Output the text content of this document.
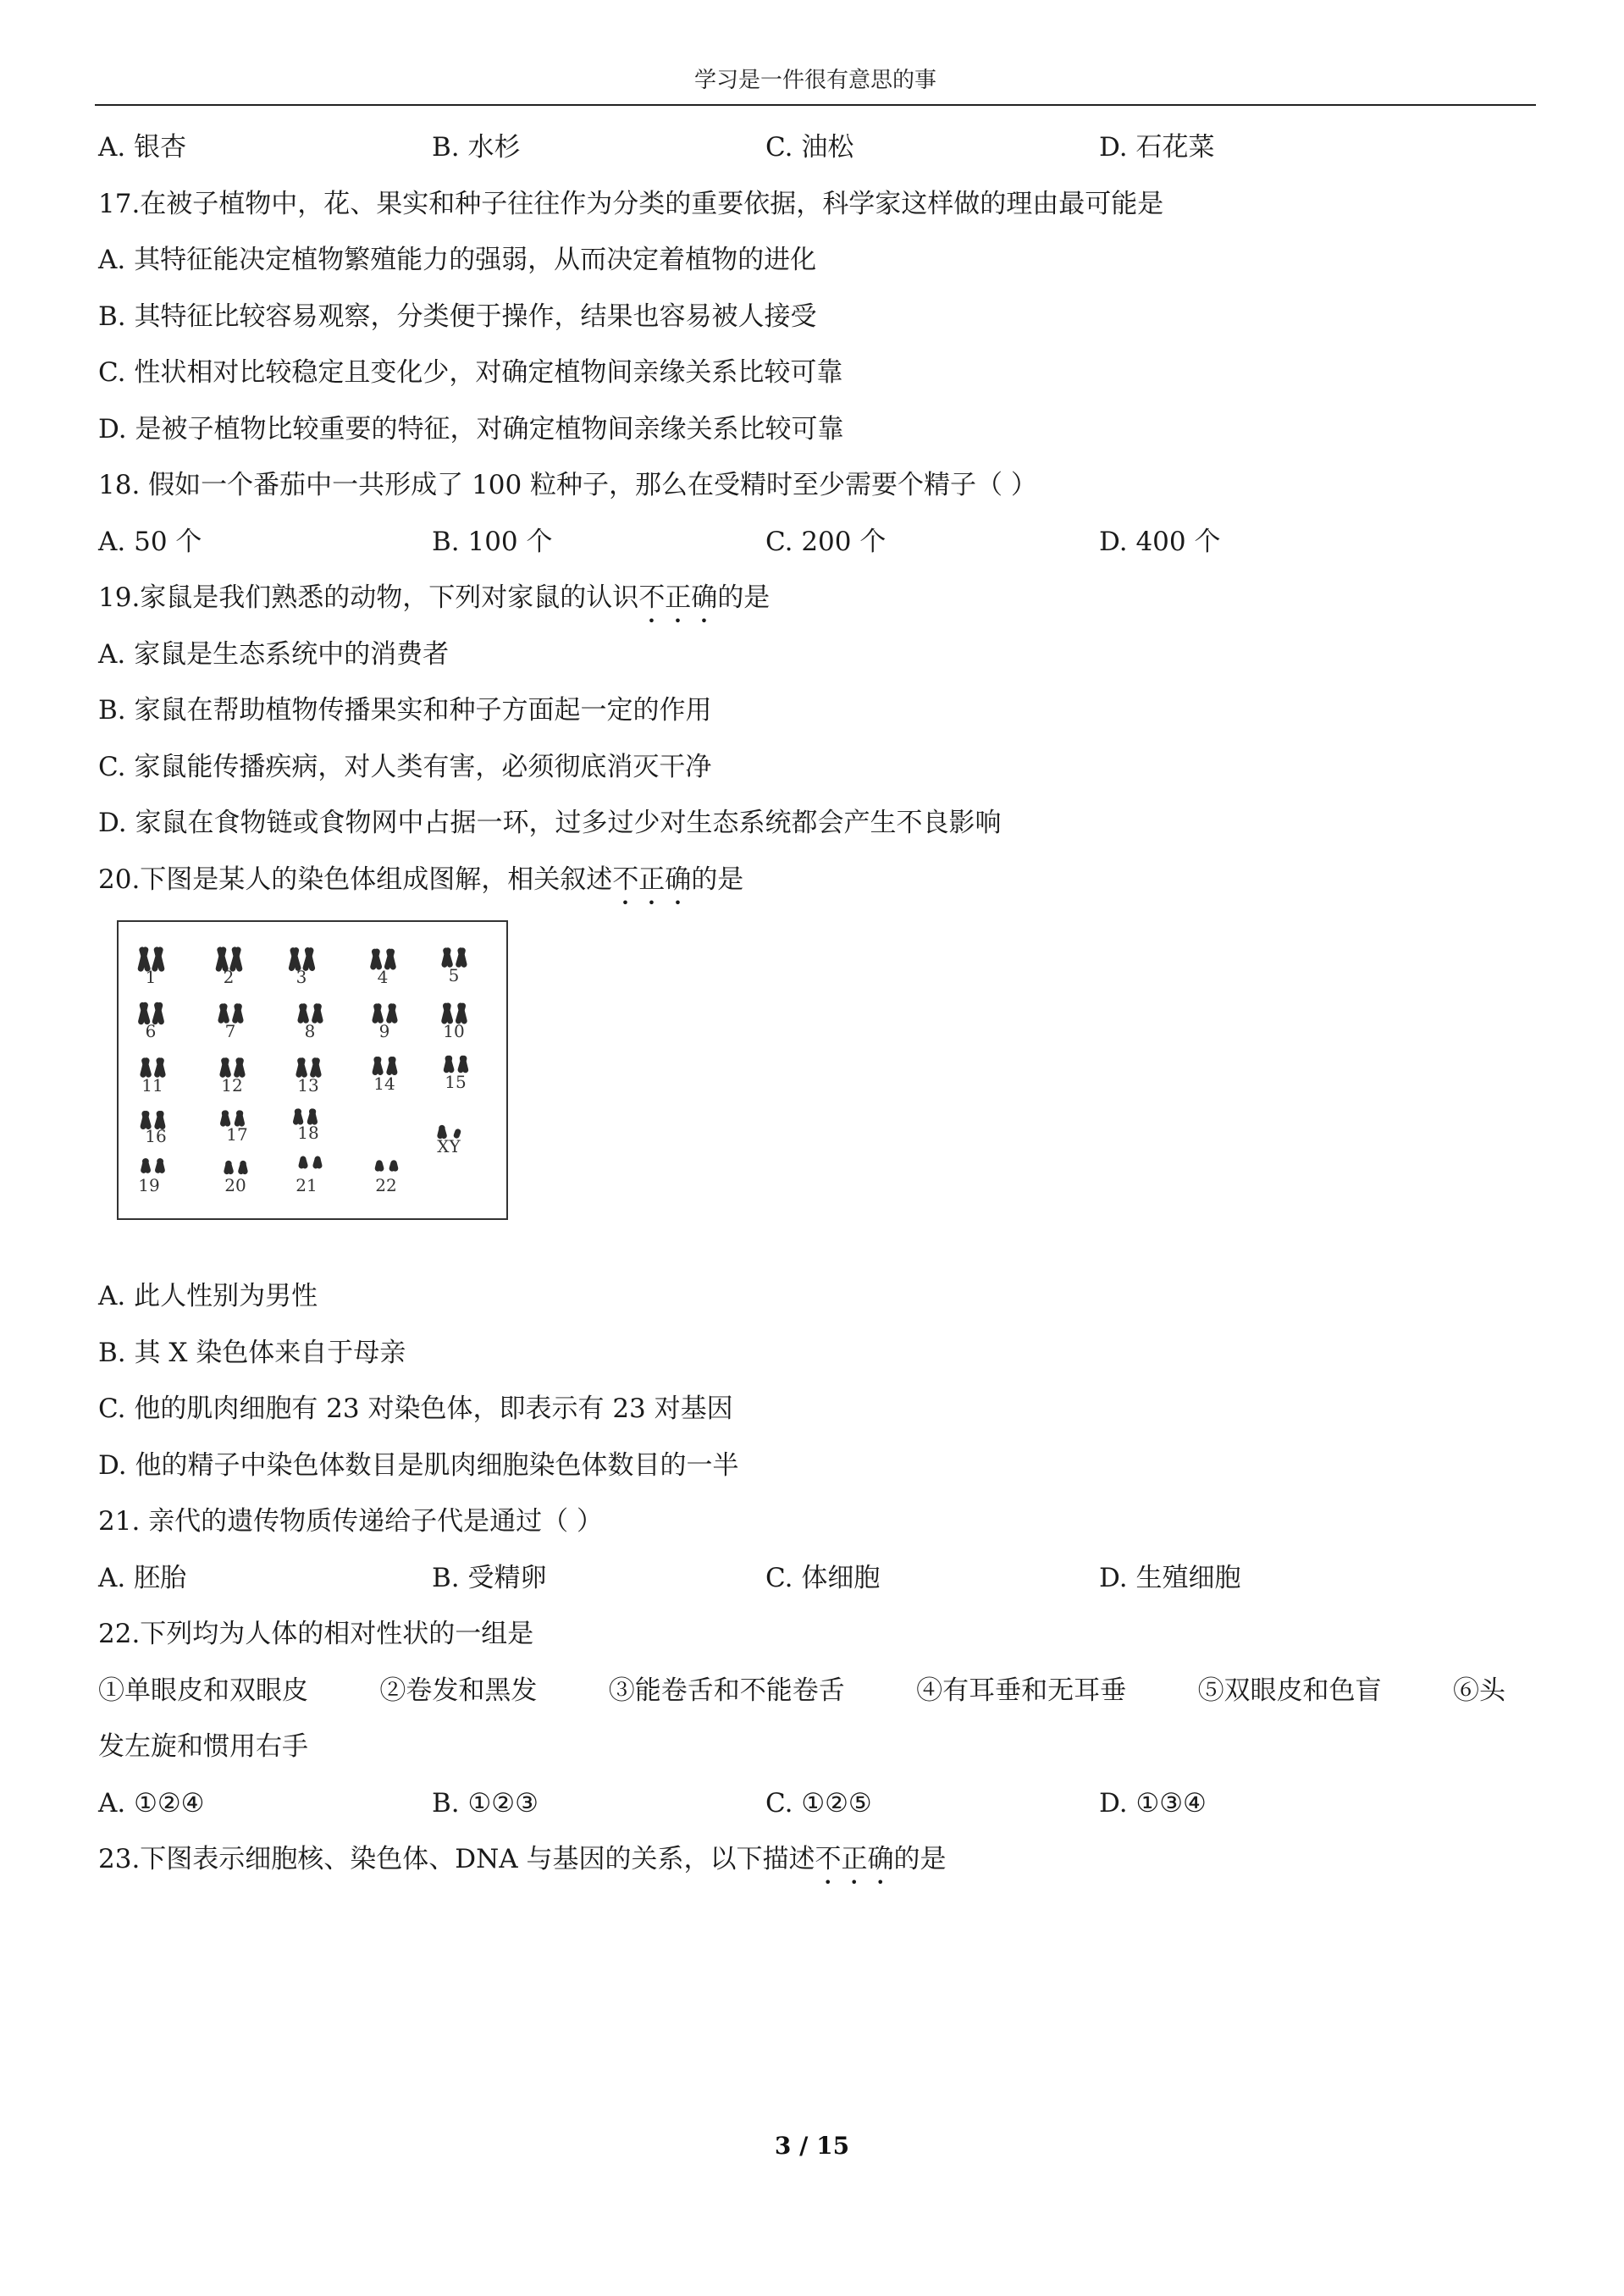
学习是一件很有意思的事
A. 银杏	B. 水杉	C. 油松	D. 石花菜
17.在被子植物中，花、果实和种子往往作为分类的重要依据，科学家这样做的理由最可能是
A. 其特征能决定植物繁殖能力的强弱，从而决定着植物的进化
B. 其特征比较容易观察，分类便于操作，结果也容易被人接受
C. 性状相对比较稳定且变化少，对确定植物间亲缘关系比较可靠
D. 是被子植物比较重要的特征，对确定植物间亲缘关系比较可靠
18. 假如一个番茄中一共形成了 100 粒种子，那么在受精时至少需要个精子（ ）
A. 50 个	B. 100 个	C. 200 个	D. 400 个
19.家鼠是我们熟悉的动物，下列对家鼠的认识不正确的是
A. 家鼠是生态系统中的消费者
B. 家鼠在帮助植物传播果实和种子方面起一定的作用
C. 家鼠能传播疾病，对人类有害，必须彻底消灭干净
D. 家鼠在食物链或食物网中占据一环，过多过少对生态系统都会产生不良影响
20.下图是某人的染色体组成图解，相关叙述不正确的是
1	2	3	4	5
6	7	8	9	10
11	12	13	14	15
16	17	18
XY
19	20	21	22
A. 此人性别为男性
B. 其 X 染色体来自于母亲
C. 他的肌肉细胞有 23 对染色体，即表示有 23 对基因
D. 他的精子中染色体数目是肌肉细胞染色体数目的一半
21. 亲代的遗传物质传递给子代是通过（ ）
A. 胚胎	B. 受精卵	C. 体细胞	D. 生殖细胞
22.下列均为人体的相对性状的一组是
①单眼皮和双眼皮	②卷发和黑发	③能卷舌和不能卷舌	④有耳垂和无耳垂	⑤双眼皮和色盲	⑥头
发左旋和惯用右手
A. ①②④	B. ①②③	C. ①②⑤	D. ①③④
23.下图表示细胞核、染色体、DNA 与基因的关系，以下描述不正确的是
3 / 15
